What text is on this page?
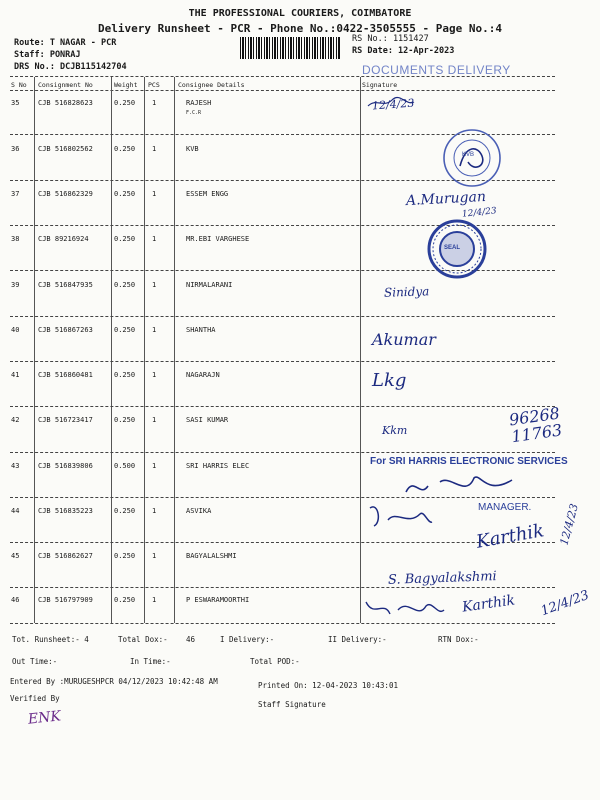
THE PROFESSIONAL COURIERS, COIMBATORE
Delivery Runsheet - PCR - Phone No.:0422-3505555 - Page No.:4
Route: T NAGAR - PCR
Staff: PONRAJ
DRS No.: DCJB115142704
RS No.: 1151427
RS Date: 12-Apr-2023
DOCUMENTS DELIVERY
S No Consignment No	Weight PCS	Consignee Details	Signature
35	CJB 516828623	0.250 1	RAJESH
F.C.R
36	CJB 516802562	0.250 1	KVB
37	CJB 516862329	0.250 1	ESSEM ENGG
38	CJB 89216924	0.250 1	MR.EBI VARGHESE
39	CJB 516847935	0.250 1	NIRMALARANI
40	CJB 516867263	0.250 1	SHANTHA
41	CJB 516860481	0.250 1	NAGARAJN
42	CJB 516723417	0.250 1	SASI KUMAR
43	CJB 516839806	0.500 1	SRI HARRIS ELEC
44	CJB 516835223	0.250 1	ASVIKA
45	CJB 516862627	0.250 1	BAGYALALSHMI
46	CJB 516797909	0.250 1	P ESWARAMOORTHI
12/4/23
KVB
A.Murugan
12/4/23
SEAL
Sinidya
Akumar
Lkg
Kkm
96268 11763
For SRI HARRIS ELECTRONIC SERVICES
MANAGER.
Karthik 12/4/23
S. Bagyalakshmi
Karthik 12/4/23
Tot. Runsheet:- 4	Total Dox:- 46	I Delivery:-	II Delivery:-	RTN Dox:-
Out Time:-	In Time:-	Total POD:-
Entered By :MURUGESHPCR 04/12/2023 10:42:48 AM	Printed On: 12-04-2023 10:43:01
Verified By
Staff Signature
ENK
